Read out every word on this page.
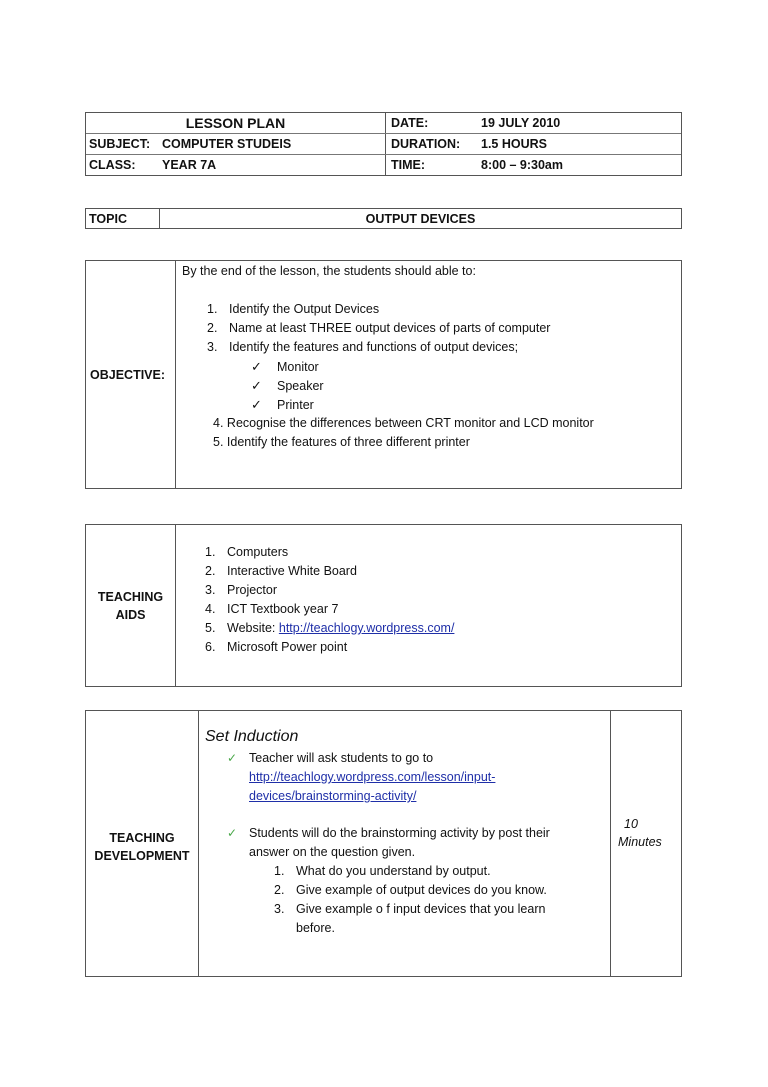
LESSON PLAN	DATE:	19 JULY 2010
SUBJECT: COMPUTER STUDEIS	DURATION:	1.5 HOURS
CLASS:	YEAR 7A	TIME:	8:00 – 9:30am
TOPIC	OUTPUT DEVICES
OBJECTIVE:
By the end of the lesson, the students should able to:
1. Identify the Output Devices
2. Name at least THREE output devices of parts of computer
3. Identify the features and functions of output devices;
✓ Monitor
✓ Speaker
✓ Printer
4. Recognise the differences between CRT monitor and LCD monitor
5. Identify the features of three different printer
TEACHING
AIDS
1. Computers
2. Interactive White Board
3. Projector
4. ICT Textbook year 7
5. Website: http://teachlogy.wordpress.com/
6. Microsoft Power point
TEACHING
DEVELOPMENT
Set Induction
✓ Teacher will ask students to go to
http://teachlogy.wordpress.com/lesson/input-
devices/brainstorming-activity/
✓ Students will do the brainstorming activity by post their
answer on the question given.
1. What do you understand by output.
2. Give example of output devices do you know.
3. Give example o f input devices that you learn
before.
10
Minutes
